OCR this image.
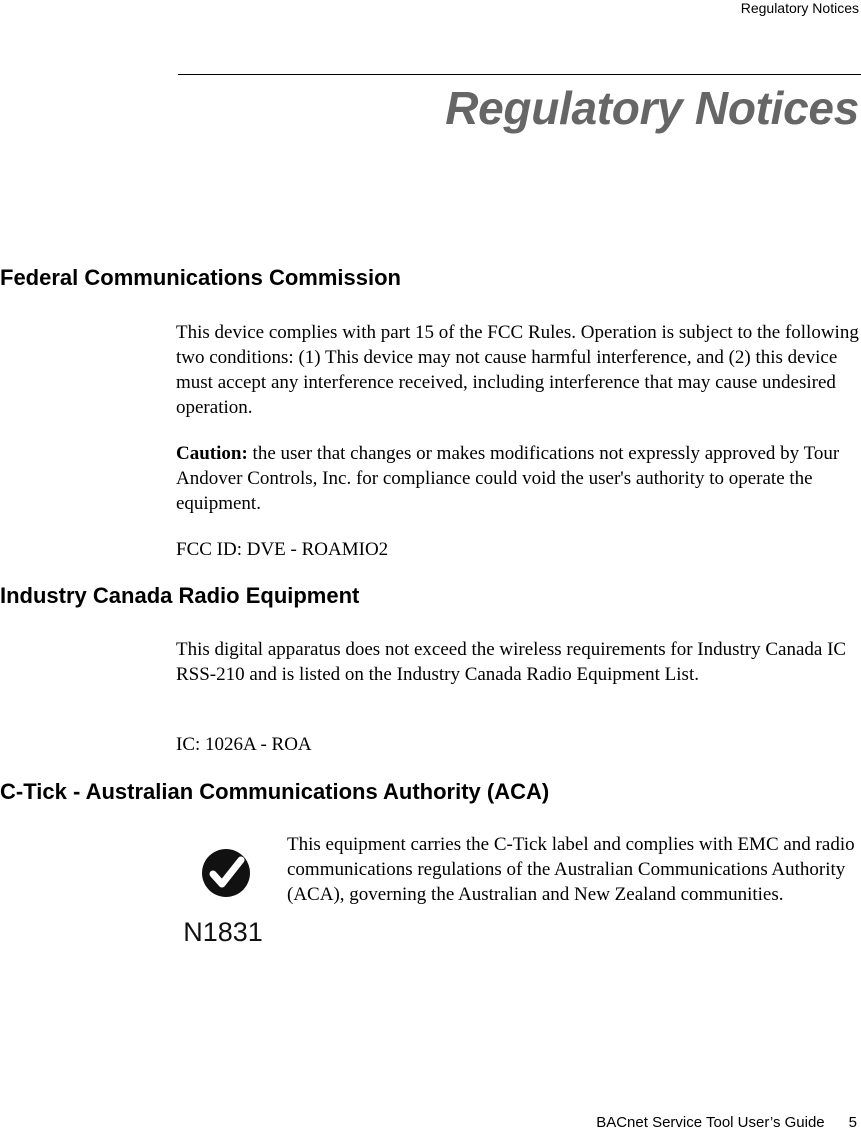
Regulatory Notices
Regulatory Notices
Federal Communications Commission

This device complies with part 15 of the FCC Rules. Operation is subject to the following two conditions: (1) This device may not cause harmful interference, and (2) this device must accept any interference received, including interference that may cause undesired operation.

Caution: the user that changes or makes modifications not expressly approved by Tour Andover Controls, Inc. for compliance could void the user's authority to operate the equipment.

FCC ID: DVE - ROAMIO2

Industry Canada Radio Equipment

This digital apparatus does not exceed the wireless requirements for Industry Canada IC RSS-210 and is listed on the Industry Canada Radio Equipment List.

IC: 1026A - ROA

C-Tick - Australian Communications Authority (ACA)
N1831

This equipment carries the C-Tick label and complies with EMC and radio communications regulations of the Australian Communications Authority (ACA), governing the Australian and New Zealand communities.

BACnet Service Tool User’s Guide 5
